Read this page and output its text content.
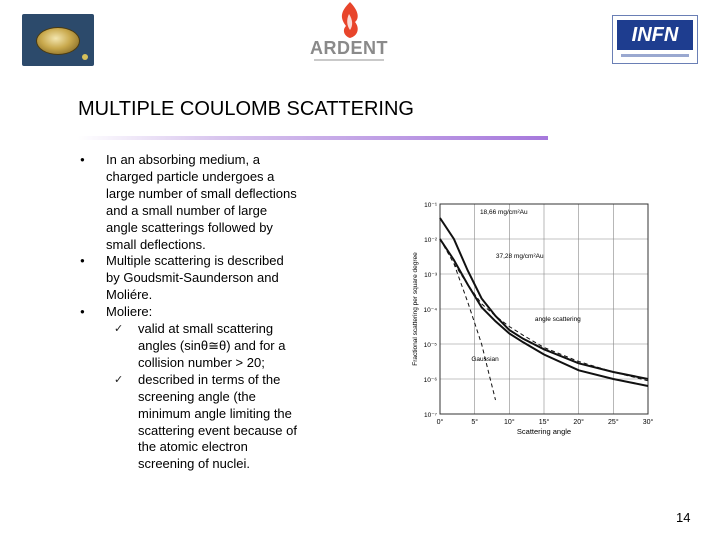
ARDENT
INFN
MULTIPLE COULOMB SCATTERING
● In an absorbing medium, a
charged particle undergoes a
large number of small deflections
and a small number of large
angle scatterings followed by
small deflections.
● Multiple scattering is described
by Goudsmit-Saunderson and
Moliére.
● Moliere:
✓ valid at small scattering
angles (sinθ≅θ) and for a
collision number > 20;
✓ described in terms of the
screening angle (the
minimum angle limiting the
scattering event because of
the atomic electron
screening of nuclei.
0°	5°	10°	15°	20°	25°	30°
10⁻¹
10⁻²
10⁻³
10⁻⁴
10⁻⁵
10⁻⁶
10⁻⁷
Scattering angle
Fractional scattering per square degree
18,66 mg/cm²Au
37,28 mg/cm²Au
angle scattering
Gaussian
14
